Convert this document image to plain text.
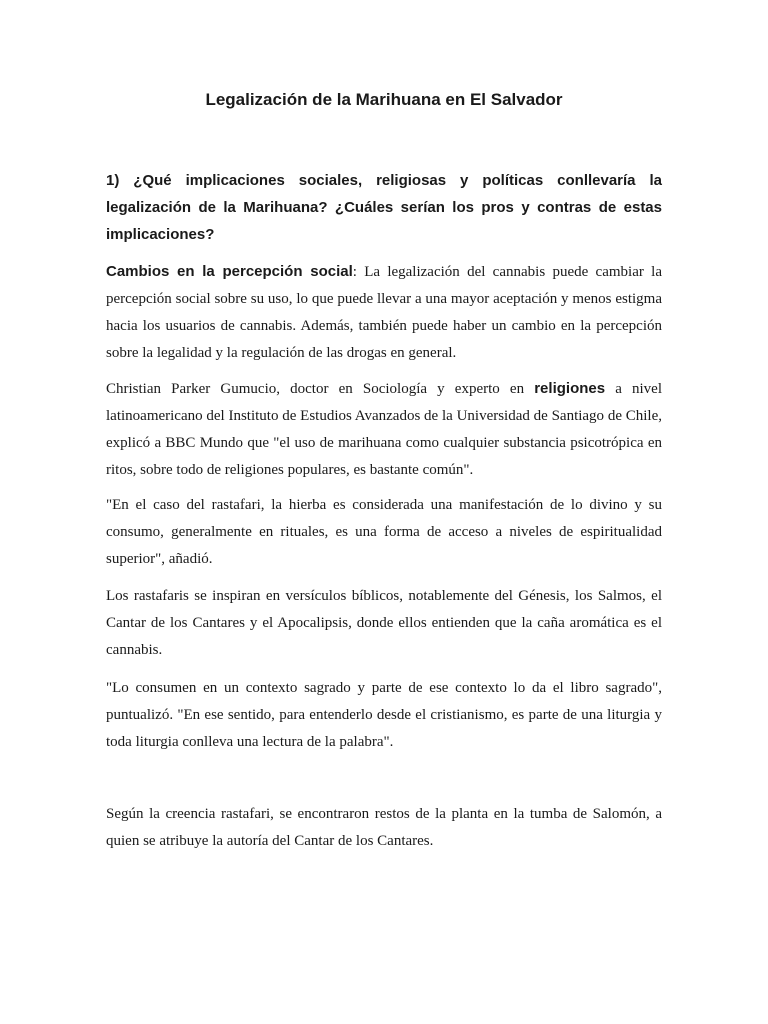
Legalización de la Marihuana en El Salvador

1) ¿Qué implicaciones sociales, religiosas y políticas conllevaría la legalización de la Marihuana? ¿Cuáles serían los pros y contras de estas implicaciones?

Cambios en la percepción social: La legalización del cannabis puede cambiar la percepción social sobre su uso, lo que puede llevar a una mayor aceptación y menos estigma hacia los usuarios de cannabis. Además, también puede haber un cambio en la percepción sobre la legalidad y la regulación de las drogas en general.

Christian Parker Gumucio, doctor en Sociología y experto en religiones a nivel latinoamericano del Instituto de Estudios Avanzados de la Universidad de Santiago de Chile, explicó a BBC Mundo que "el uso de marihuana como cualquier substancia psicotrópica en ritos, sobre todo de religiones populares, es bastante común".

"En el caso del rastafari, la hierba es considerada una manifestación de lo divino y su consumo, generalmente en rituales, es una forma de acceso a niveles de espiritualidad superior", añadió.

Los rastafaris se inspiran en versículos bíblicos, notablemente del Génesis, los Salmos, el Cantar de los Cantares y el Apocalipsis, donde ellos entienden que la caña aromática es el cannabis.

"Lo consumen en un contexto sagrado y parte de ese contexto lo da el libro sagrado", puntualizó. "En ese sentido, para entenderlo desde el cristianismo, es parte de una liturgia y toda liturgia conlleva una lectura de la palabra".

Según la creencia rastafari, se encontraron restos de la planta en la tumba de Salomón, a quien se atribuye la autoría del Cantar de los Cantares.
